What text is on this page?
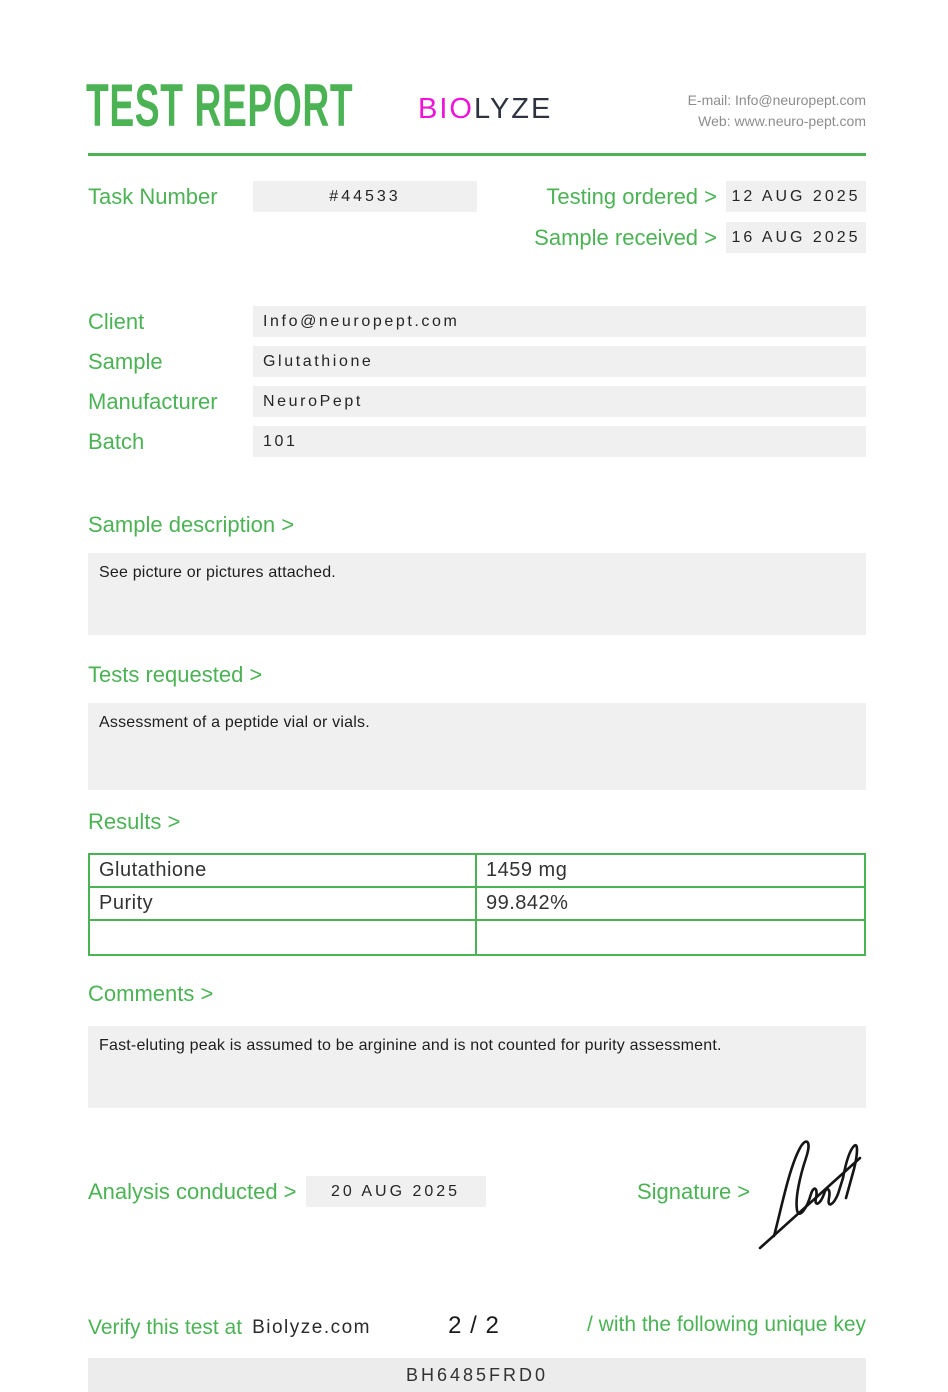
TEST REPORT BIOLYZE	E-mail: Info@neuropept.com
Web: www.neuro-pept.com
Task Number	#44533	Testing ordered > 12 AUG 2025
Sample received > 16 AUG 2025
Client	Info@neuropept.com
Sample	Glutathione
Manufacturer	NeuroPept
Batch	101
Sample description >
See picture or pictures attached.
Tests requested >
Assessment of a peptide vial or vials.
Results >
Glutathione	1459 mg
Purity	99.842%
Comments >
Fast-eluting peak is assumed to be arginine and is not counted for purity assessment.
Analysis conducted >	20 AUG 2025	Signature >
Verify this test at Biolyze.com	2 / 2	/ with the following unique key
BH6485FRD0
